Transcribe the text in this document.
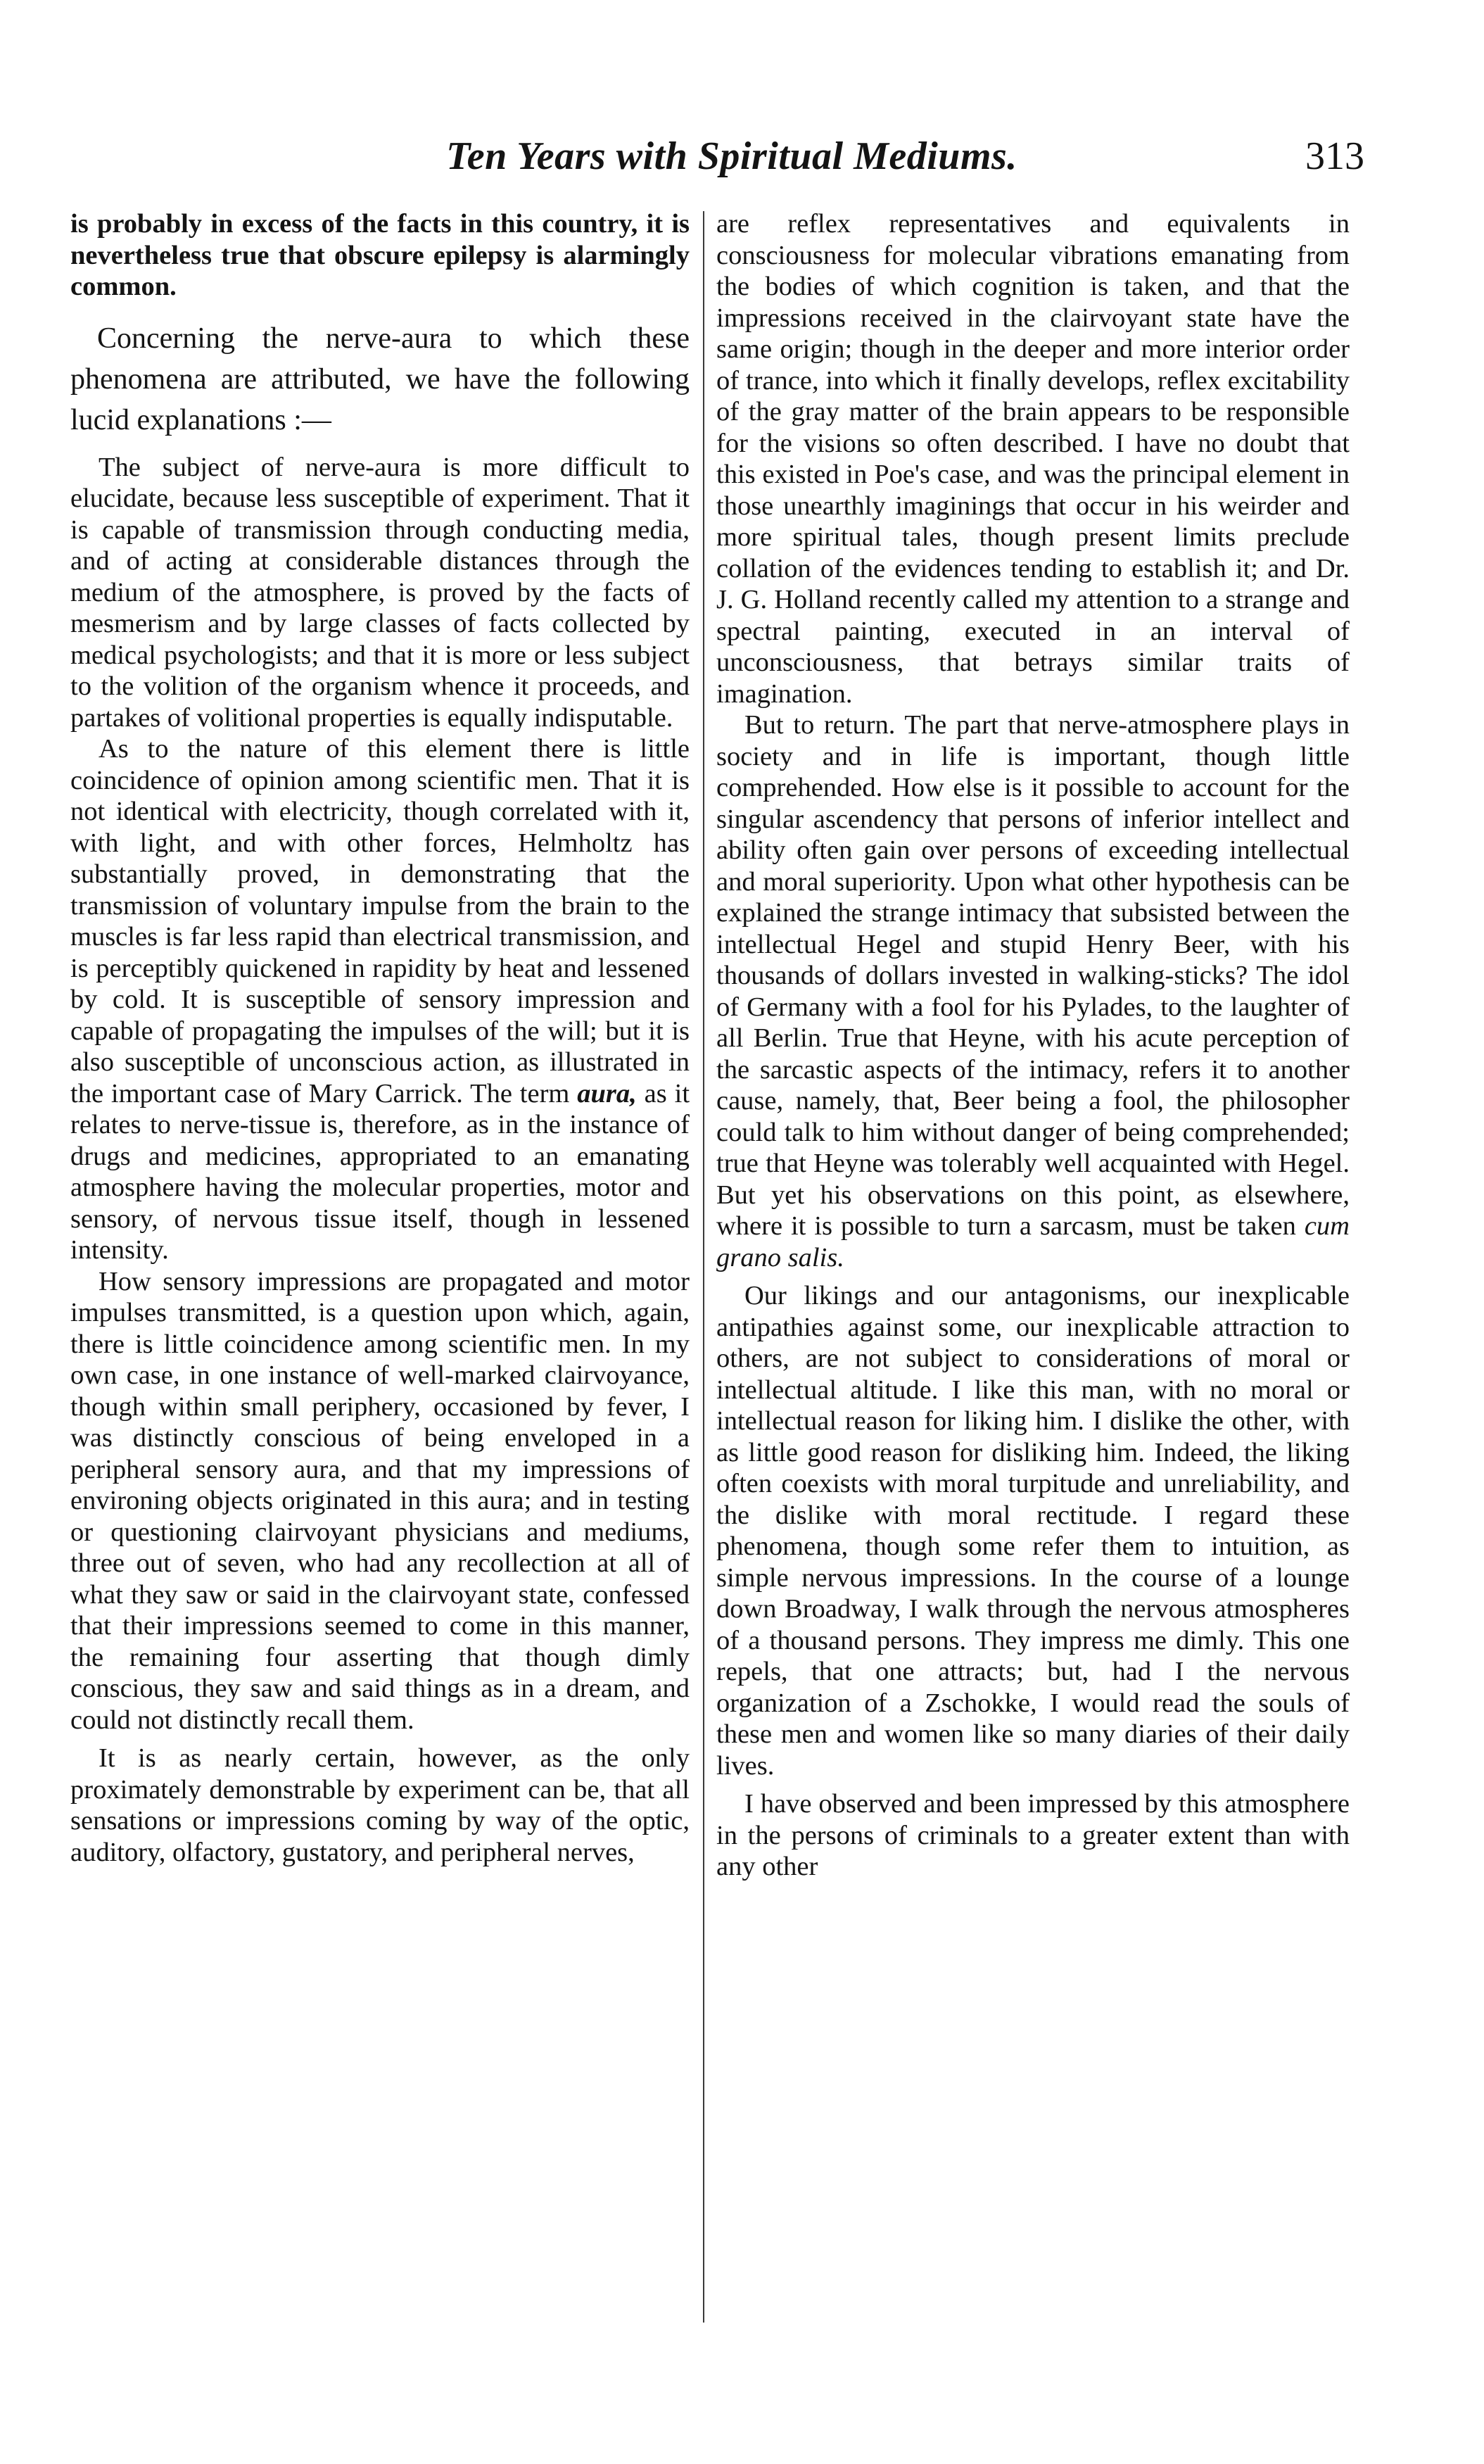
Ten Years with Spiritual Mediums.	313

is probably in excess of the facts in this country, it is nevertheless true that obscure epilepsy is alarmingly common.

Concerning the nerve-aura to which these phenomena are attributed, we have the following lucid explanations :—

The subject of nerve-aura is more difficult to elucidate, because less susceptible of experiment. That it is capable of transmission through conducting media, and of acting at considerable distances through the medium of the atmosphere, is proved by the facts of mesmerism and by large classes of facts collected by medical psychologists; and that it is more or less subject to the volition of the organism whence it proceeds, and partakes of volitional properties is equally indisputable.

As to the nature of this element there is little coincidence of opinion among scientific men. That it is not identical with electricity, though correlated with it, with light, and with other forces, Helmholtz has substantially proved, in demonstrating that the transmission of voluntary impulse from the brain to the muscles is far less rapid than electrical transmission, and is perceptibly quickened in rapidity by heat and lessened by cold. It is susceptible of sensory impression and capable of propagating the impulses of the will; but it is also susceptible of unconscious action, as illustrated in the important case of Mary Carrick. The term aura, as it relates to nerve-tissue is, therefore, as in the instance of drugs and medicines, appropriated to an emanating atmosphere having the molecular properties, motor and sensory, of nervous tissue itself, though in lessened intensity.

How sensory impressions are propagated and motor impulses transmitted, is a question upon which, again, there is little coincidence among scientific men. In my own case, in one instance of well-marked clairvoyance, though within small periphery, occasioned by fever, I was distinctly conscious of being enveloped in a peripheral sensory aura, and that my impressions of environing objects originated in this aura; and in testing or questioning clairvoyant physicians and mediums, three out of seven, who had any recollection at all of what they saw or said in the clairvoyant state, confessed that their impressions seemed to come in this manner, the remaining four asserting that though dimly conscious, they saw and said things as in a dream, and could not distinctly recall them.

It is as nearly certain, however, as the only proximately demonstrable by experiment can be, that all sensations or impressions coming by way of the optic, auditory, olfactory, gustatory, and peripheral nerves,

are reflex representatives and equivalents in consciousness for molecular vibrations emanating from the bodies of which cognition is taken, and that the impressions received in the clairvoyant state have the same origin; though in the deeper and more interior order of trance, into which it finally develops, reflex excitability of the gray matter of the brain appears to be responsible for the visions so often described. I have no doubt that this existed in Poe's case, and was the principal element in those unearthly imaginings that occur in his weirder and more spiritual tales, though present limits preclude collation of the evidences tending to establish it; and Dr. J. G. Holland recently called my attention to a strange and spectral painting, executed in an interval of unconsciousness, that betrays similar traits of imagination.

But to return. The part that nerve-atmosphere plays in society and in life is important, though little comprehended. How else is it possible to account for the singular ascendency that persons of inferior intellect and ability often gain over persons of exceeding intellectual and moral superiority. Upon what other hypothesis can be explained the strange intimacy that subsisted between the intellectual Hegel and stupid Henry Beer, with his thousands of dollars invested in walking-sticks? The idol of Germany with a fool for his Pylades, to the laughter of all Berlin. True that Heyne, with his acute perception of the sarcastic aspects of the intimacy, refers it to another cause, namely, that, Beer being a fool, the philosopher could talk to him without danger of being comprehended; true that Heyne was tolerably well acquainted with Hegel. But yet his observations on this point, as elsewhere, where it is possible to turn a sarcasm, must be taken cum grano salis.

Our likings and our antagonisms, our inexplicable antipathies against some, our inexplicable attraction to others, are not subject to considerations of moral or intellectual altitude. I like this man, with no moral or intellectual reason for liking him. I dislike the other, with as little good reason for disliking him. Indeed, the liking often coexists with moral turpitude and unreliability, and the dislike with moral rectitude. I regard these phenomena, though some refer them to intuition, as simple nervous impressions. In the course of a lounge down Broadway, I walk through the nervous atmospheres of a thousand persons. They impress me dimly. This one repels, that one attracts; but, had I the nervous organization of a Zschokke, I would read the souls of these men and women like so many diaries of their daily lives.

I have observed and been impressed by this atmosphere in the persons of criminals to a greater extent than with any other
